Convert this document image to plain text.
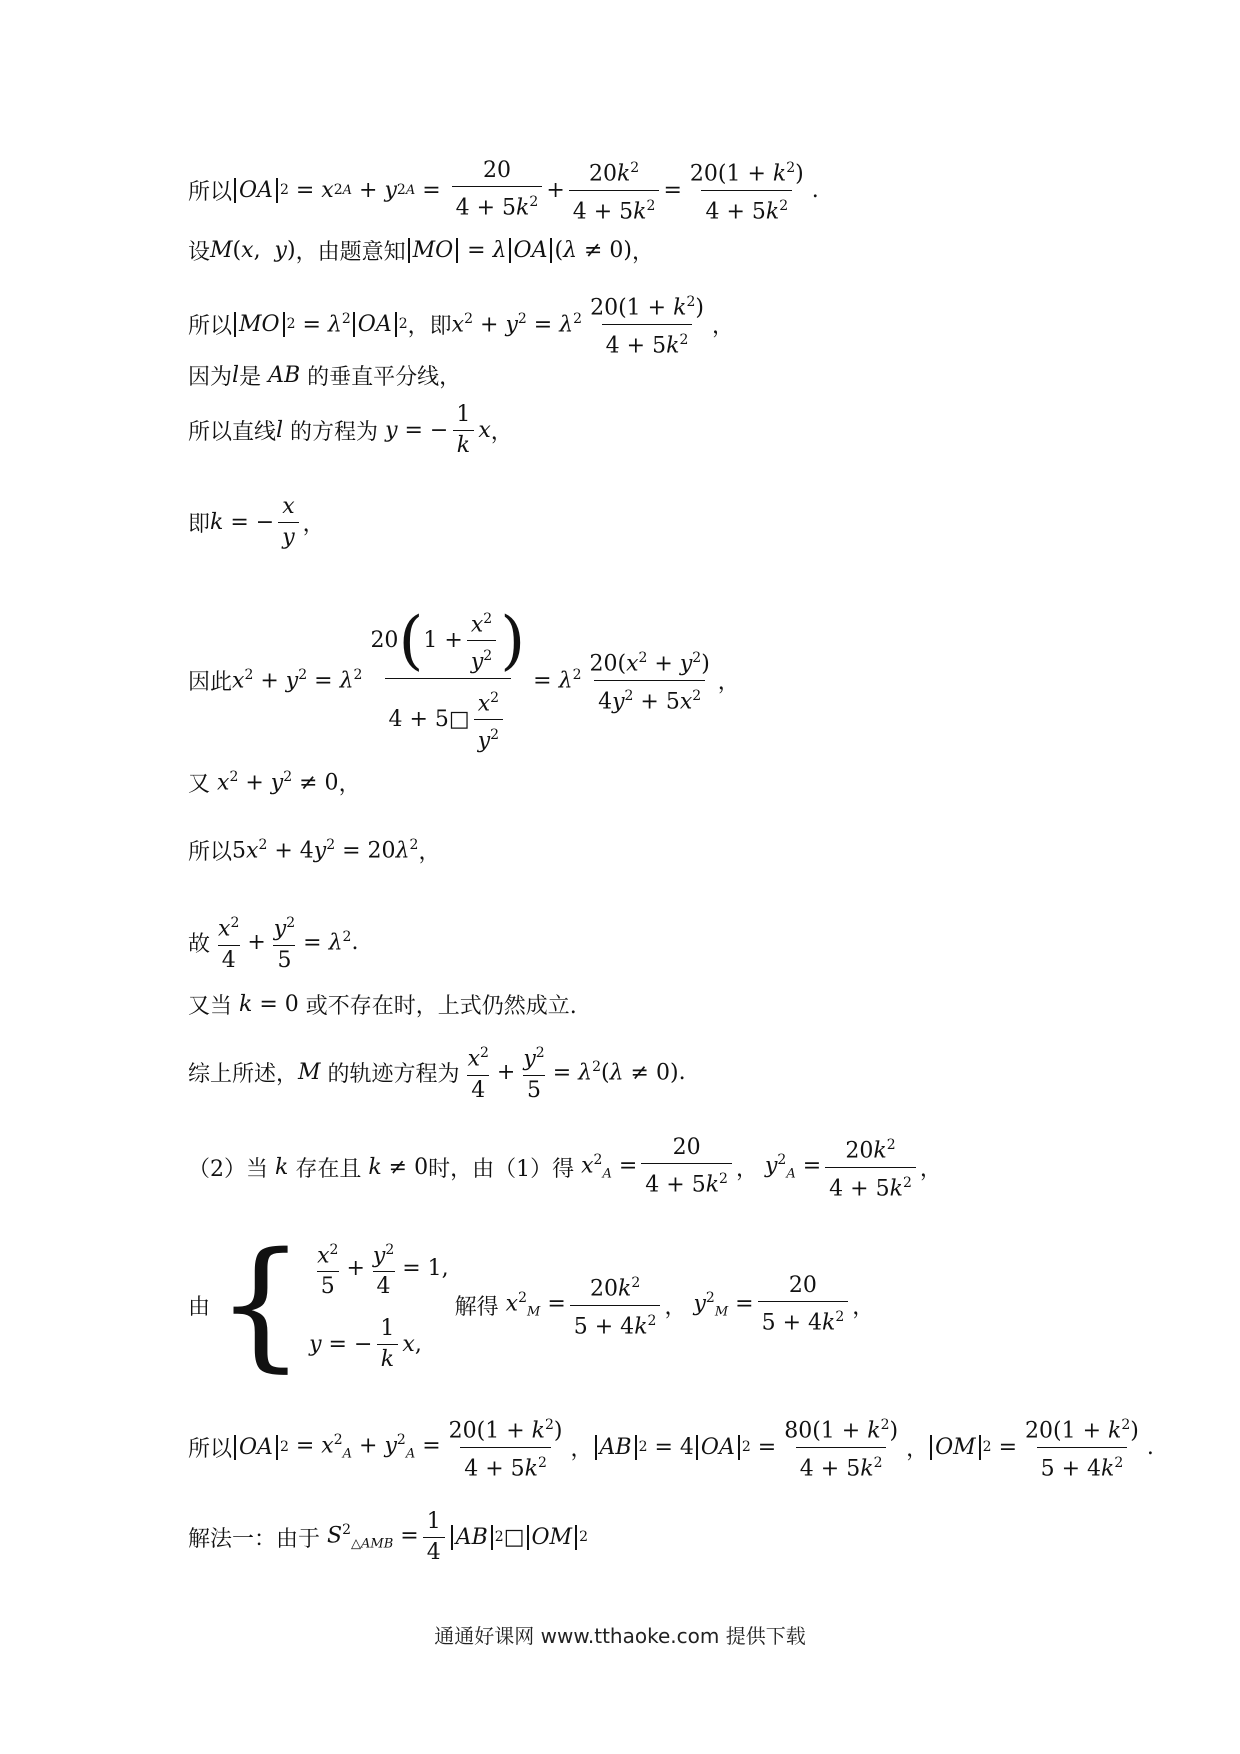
所以 OA 2 = x 2 A + y 2 $A = \frac{20}{4 + 5k^2} + \frac{20k^2}{4 + 5k^2} = \frac{20(1 + k^2)}{4 + 5k^2}$ .
设 M (x,  y) ，由题意知 MO = λ OA (λ ≠ 0) ，
所以 MO $2 = \lambda^2$ OA 2 ，即 $x^2 + y^2 = \lambda^2 \frac{20(1 + k^2)}{4 + 5k^2}$ ，
因为 l 是 AB 的垂直平分线，
所以直线 l 的方程为 y = − $\frac{1}{k}$ x ，
即 k = − $\frac{x}{y}$ ，
因此 $x^2 + y^2 = \lambda^2 \frac{20 ( 1 + \frac{x^2}{y^2} )}{4 + 5□ \frac{x^2}{y^2}} = \lambda^2 \frac{20(x^2 + y^2)}{4y^2 + 5x^2}$ ，
又 $x^2 + y^2 \ne 0$ ，
所以 $5x^2 + 4y^2 = 20\lambda^2$ ，
故 $\frac{x^2}{4} + \frac{y^2}{5} = \lambda^2$ .
又当 k = 0 或不存在时，上式仍然成立.
综上所述， M 的轨迹方程为 $\frac{x^2}{4} + \frac{y^2}{5} = \lambda^2(\lambda \ne 0)$ .
（2）当 k 存在且 k ≠ 0 时，由（1）得 $x^2_A = \frac{20}{4 + 5k^2}$ ， $y^2_A = \frac{20k^2}{4 + 5k^2}$ ，
由 { $\frac{x^2}{5} + \frac{y^2}{4} = 1$,
y = − $\frac{1}{k}$ x ,
解得 $x^2_M = \frac{20k^2}{5 + 4k^2}$ ， $y^2_M = \frac{20}{5 + 4k^2}$ ，
所以 OA $2 = x^2_A + y^2_A = \frac{20(1 + k^2)}{4 + 5k^2}$ ， AB 2 = 4 OA $2 = \frac{80(1 + k^2)}{4 + 5k^2}$ ， OM $2 = \frac{20(1 + k^2)}{5 + 4k^2}$ .
解法一：由于 $S^2_{\triangle AMB} = \frac{1}{4}$ AB 2 □ OM 2
通通好课网 www.tthaoke.com 提供下载
